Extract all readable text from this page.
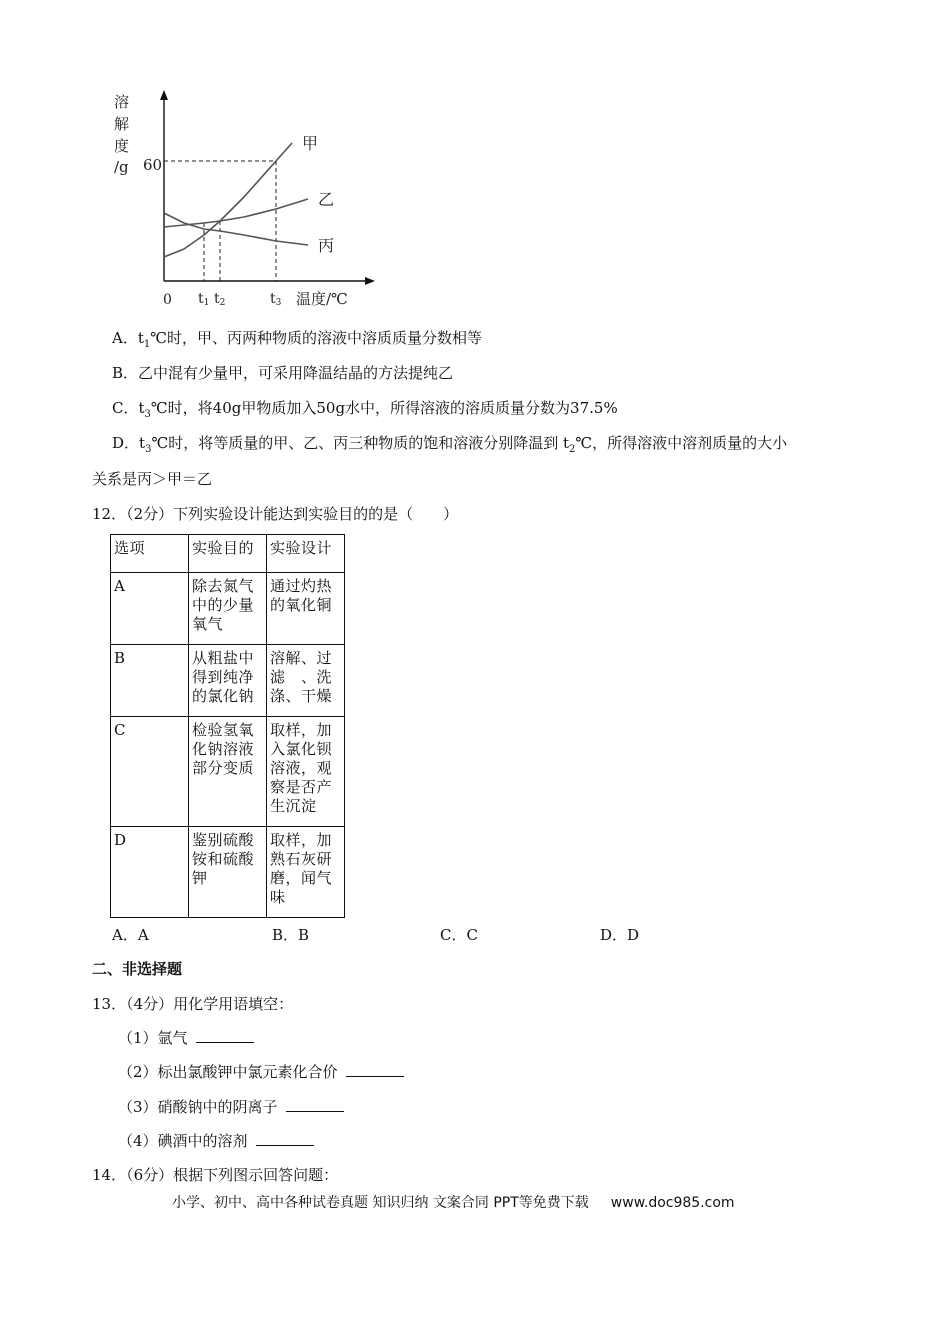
溶
解
度
/g 60
0
甲
乙
丙
t1 t2	t3 温度/℃
A．$t_1℃$时，甲、丙两种物质的溶液中溶质质量分数相等
B．乙中混有少量甲，可采用降温结晶的方法提纯乙
C．$t_3℃$时，将40g甲物质加入50g水中，所得溶液的溶质质量分数为37.5%
D．$t_3℃$时，将等质量的甲、乙、丙三种物质的饱和溶液分别降温到 $t_2℃$，所得溶液中溶剂质量的大小
关系是丙＞甲＝乙
12．（2分）下列实验设计能达到实验目的的是（　　）
选项	实验目的	实验设计

A	除去氮气
中的少量
氧气	通过灼热
的氧化铜

B	从粗盐中
得到纯净
的氯化钠	溶解、过
滤　、洗
涤、干燥

C	检验氢氧
化钠溶液
部分变质	取样，加
入氯化钡
溶液，观
察是否产
生沉淀

D	鉴别硫酸
铵和硫酸
钾	取样，加
熟石灰研
磨，闻气
味
A．A	B．B	C．C	D．D
二、非选择题
13．（4分）用化学用语填空：
（1）氩气
（2）标出氯酸钾中氯元素化合价
（3）硝酸钠中的阴离子
（4）碘酒中的溶剂
14．（6分）根据下列图示回答问题：
小学、初中、高中各种试卷真题 知识归纳 文案合同 PPT等免费下载 www.doc985.com
